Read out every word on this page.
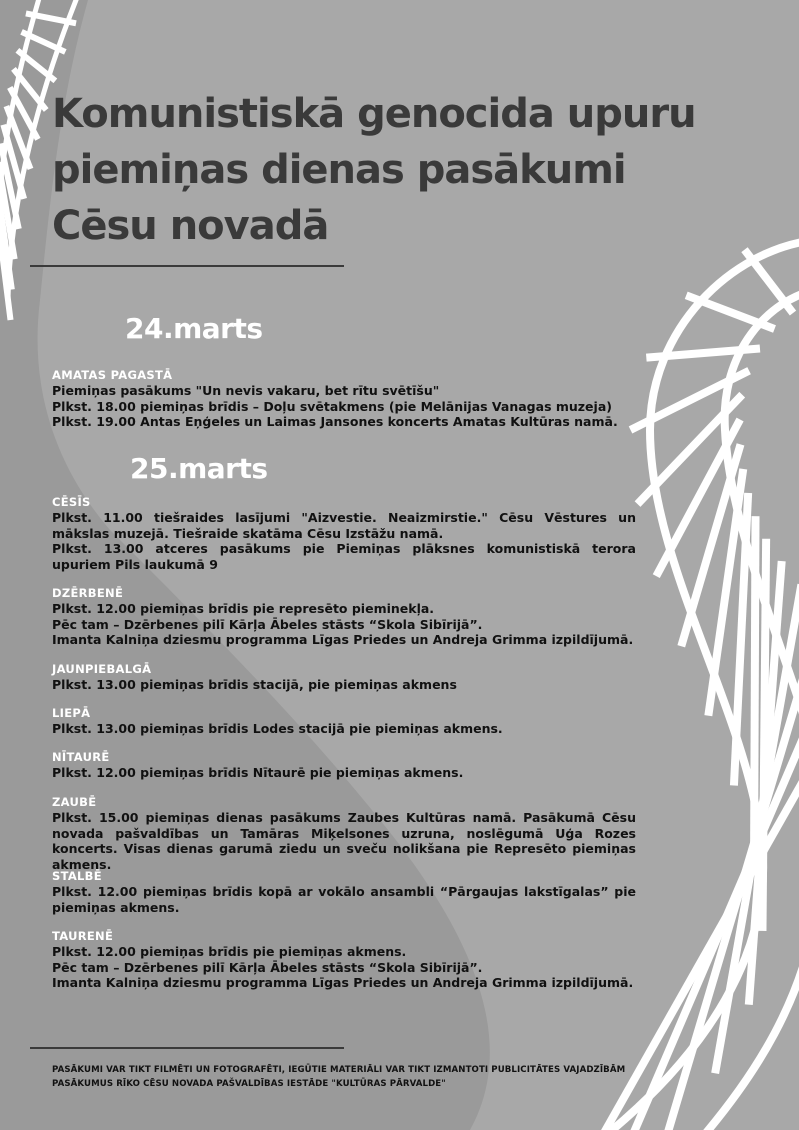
Komunistiskā genocida upuru
piemiņas dienas pasākumi
Cēsu novadā
24.marts
AMATAS PAGASTĀ
Piemiņas pasākums "Un nevis vakaru, bet rītu svētīšu"
Plkst. 18.00 piemiņas brīdis – Doļu svētakmens (pie Melānijas Vanagas muzeja)
Plkst. 19.00 Antas Eņģeles un Laimas Jansones koncerts Amatas Kultūras namā.
25.marts
CĒSĪS
Plkst. 11.00 tiešraides lasījumi "Aizvestie. Neaizmirstie." Cēsu Vēstures un mākslas muzejā. Tiešraide skatāma Cēsu Izstāžu namā.
Plkst. 13.00 atceres pasākums pie Piemiņas plāksnes komunistiskā terora upuriem Pils laukumā 9
DZĒRBENĒ
Plkst. 12.00 piemiņas brīdis pie represēto pieminekļa.
Pēc tam – Dzērbenes pilī Kārļa Ābeles stāsts “Skola Sibīrijā”.
Imanta Kalniņa dziesmu programma Līgas Priedes un Andreja Grimma izpildījumā.
JAUNPIEBALGĀ
Plkst. 13.00 piemiņas brīdis stacijā, pie piemiņas akmens
LIEPĀ
Plkst. 13.00 piemiņas brīdis Lodes stacijā pie piemiņas akmens.
NĪTAURĒ
Plkst. 12.00 piemiņas brīdis Nītaurē pie piemiņas akmens.
ZAUBĒ
Plkst. 15.00 piemiņas dienas pasākums Zaubes Kultūras namā. Pasākumā Cēsu novada pašvaldības un Tamāras Miķelsones uzruna, noslēgumā Uģa Rozes koncerts. Visas dienas garumā ziedu un sveču nolikšana pie Represēto piemiņas akmens.
STALBĒ
Plkst. 12.00 piemiņas brīdis kopā ar vokālo ansambli “Pārgaujas lakstīgalas” pie piemiņas akmens.
TAURENĒ
Plkst. 12.00 piemiņas brīdis pie piemiņas akmens.
Pēc tam – Dzērbenes pilī Kārļa Ābeles stāsts “Skola Sibīrijā”.
Imanta Kalniņa dziesmu programma Līgas Priedes un Andreja Grimma izpildījumā.
PASĀKUMI VAR TIKT FILMĒTI UN FOTOGRAFĒTI, IEGŪTIE MATERIĀLI VAR TIKT IZMANTOTI PUBLICITĀTES VAJADZĪBĀM
PASĀKUMUS RĪKO CĒSU NOVADA PAŠVALDĪBAS IESTĀDE "KULTŪRAS PĀRVALDE"
